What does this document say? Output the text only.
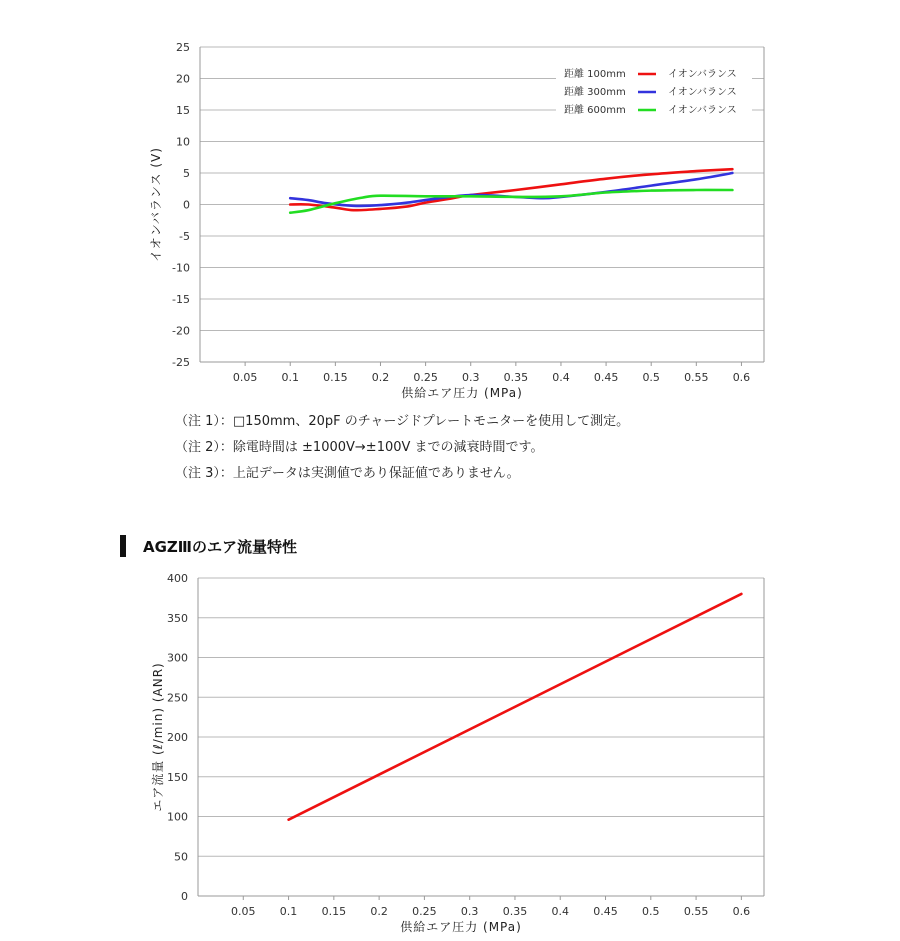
25
20
15
10
5
0
-5
-10
-15
-20
-25
0.05 0.1 0.15 0.2 0.25 0.3 0.35 0.4 0.45 0.5 0.55 0.6
供給エア圧力 (MPa)
イオンバランス (V)
距離 100mm	イオンバランス
距離 300mm	イオンバランス
距離 600mm	イオンバランス
（注 1）：□150mm、20pF のチャージドプレートモニターを使用して測定。
（注 2）：除電時間は ±1000V→±100V までの減衰時間です。
（注 3）：上記データは実測値であり保証値でありません。
AGZⅢのエア流量特性
400
350
300
250
200
150
100
50
0
0.05 0.1 0.15 0.2 0.25 0.3 0.35 0.4 0.45 0.5 0.55 0.6
供給エア圧力 (MPa)
エア流量 (ℓ/min) (ANR)
